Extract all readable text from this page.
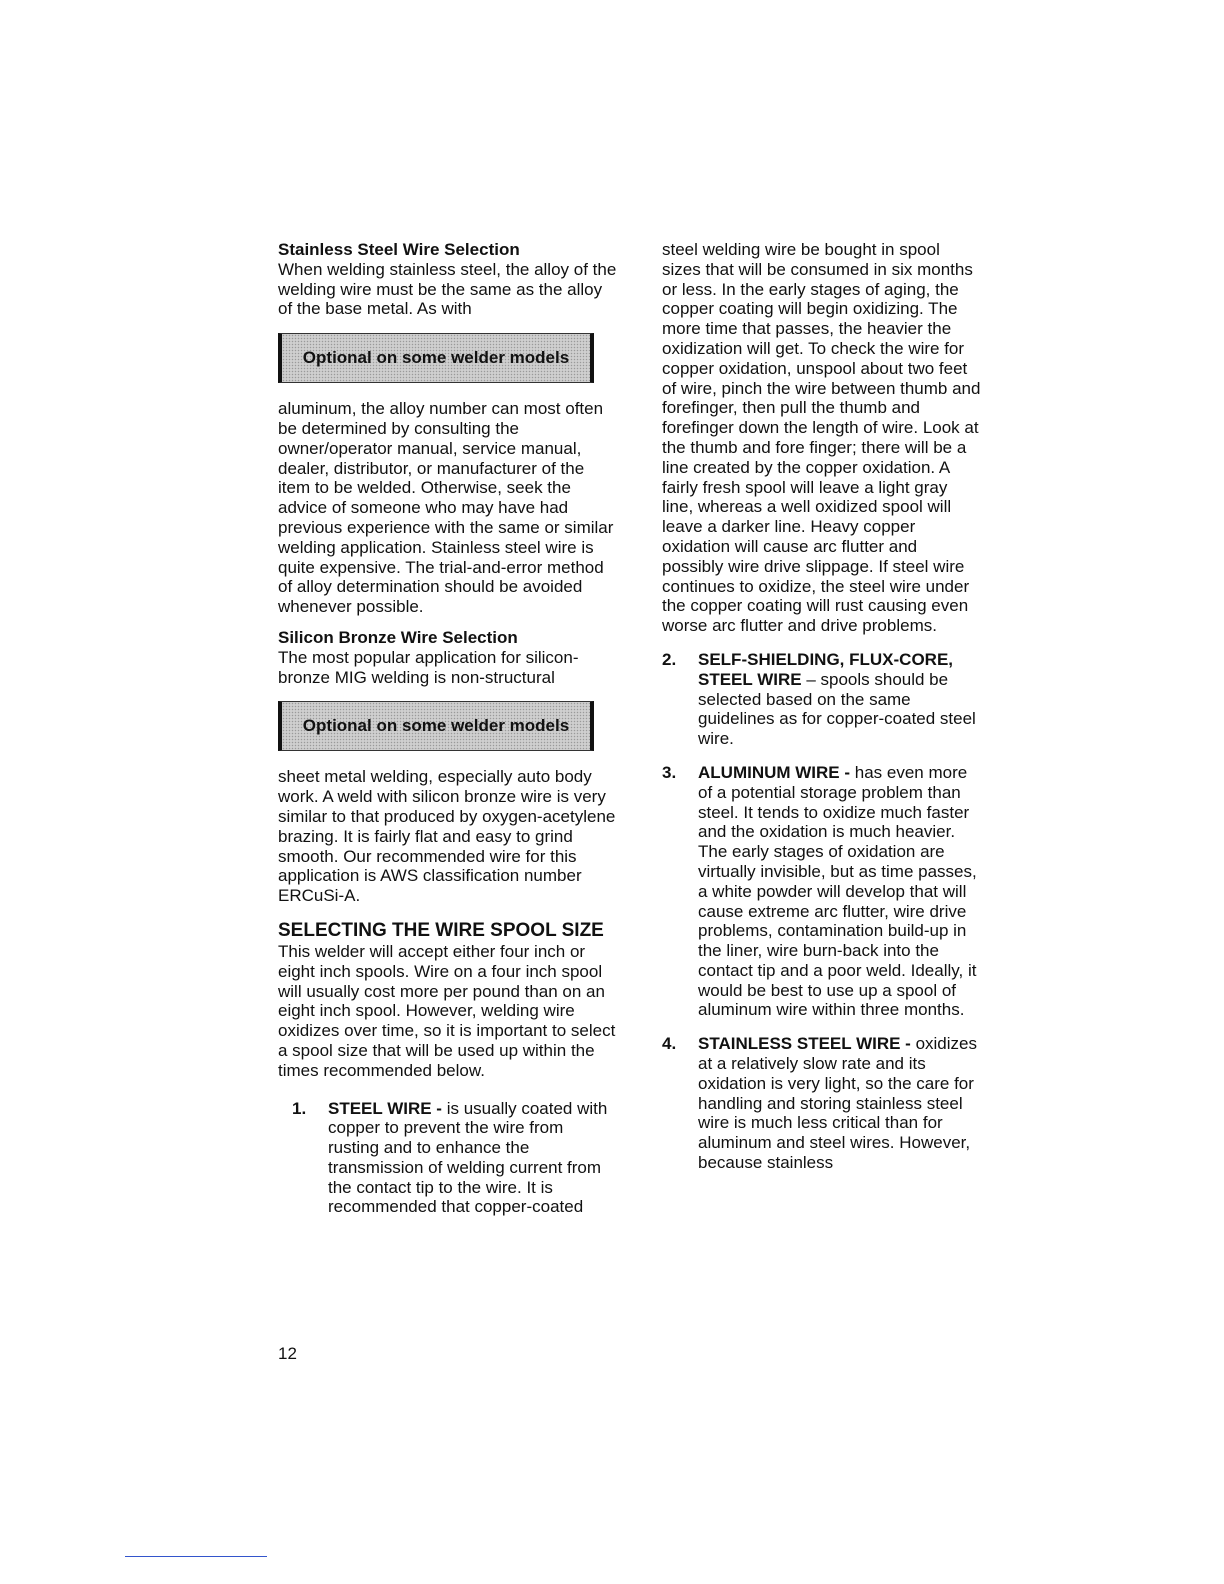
Stainless Steel Wire Selection

When welding stainless steel, the alloy of the welding wire must be the same as the alloy of the base metal. As with

Optional on some welder models

aluminum, the alloy number can most often be determined by consulting the owner/operator manual, service manual, dealer, distributor, or manufacturer of the item to be welded. Otherwise, seek the advice of someone who may have had previous experience with the same or similar welding application. Stainless steel wire is quite expensive. The trial-and-error method of alloy determination should be avoided whenever possible.

Silicon Bronze Wire Selection

The most popular application for silicon-bronze MIG welding is non-structural

Optional on some welder models

sheet metal welding, especially auto body work. A weld with silicon bronze wire is very similar to that produced by oxygen-acetylene brazing. It is fairly flat and easy to grind smooth. Our recommended wire for this application is AWS classification number ERCuSi-A.

SELECTING THE WIRE SPOOL SIZE

This welder will accept either four inch or eight inch spools. Wire on a four inch spool will usually cost more per pound than on an eight inch spool. However, welding wire oxidizes over time, so it is important to select a spool size that will be used up within the times recommended below.

1. STEEL WIRE - is usually coated with copper to prevent the wire from rusting and to enhance the transmission of welding current from the contact tip to the wire. It is recommended that copper-coated

steel welding wire be bought in spool sizes that will be consumed in six months or less. In the early stages of aging, the copper coating will begin oxidizing. The more time that passes, the heavier the oxidization will get. To check the wire for copper oxidation, unspool about two feet of wire, pinch the wire between thumb and forefinger, then pull the thumb and forefinger down the length of wire. Look at the thumb and fore finger; there will be a line created by the copper oxidation. A fairly fresh spool will leave a light gray line, whereas a well oxidized spool will leave a darker line. Heavy copper oxidation will cause arc flutter and possibly wire drive slippage. If steel wire continues to oxidize, the steel wire under the copper coating will rust causing even worse arc flutter and drive problems.

2. SELF-SHIELDING, FLUX-CORE, STEEL WIRE – spools should be selected based on the same guidelines as for copper-coated steel wire.
3. ALUMINUM WIRE - has even more of a potential storage problem than steel. It tends to oxidize much faster and the oxidation is much heavier. The early stages of oxidation are virtually invisible, but as time passes, a white powder will develop that will cause extreme arc flutter, wire drive problems, contamination build-up in the liner, wire burn-back into the contact tip and a poor weld. Ideally, it would be best to use up a spool of aluminum wire within three months.
4. STAINLESS STEEL WIRE - oxidizes at a relatively slow rate and its oxidation is very light, so the care for handling and storing stainless steel wire is much less critical than for aluminum and steel wires. However, because stainless
12
